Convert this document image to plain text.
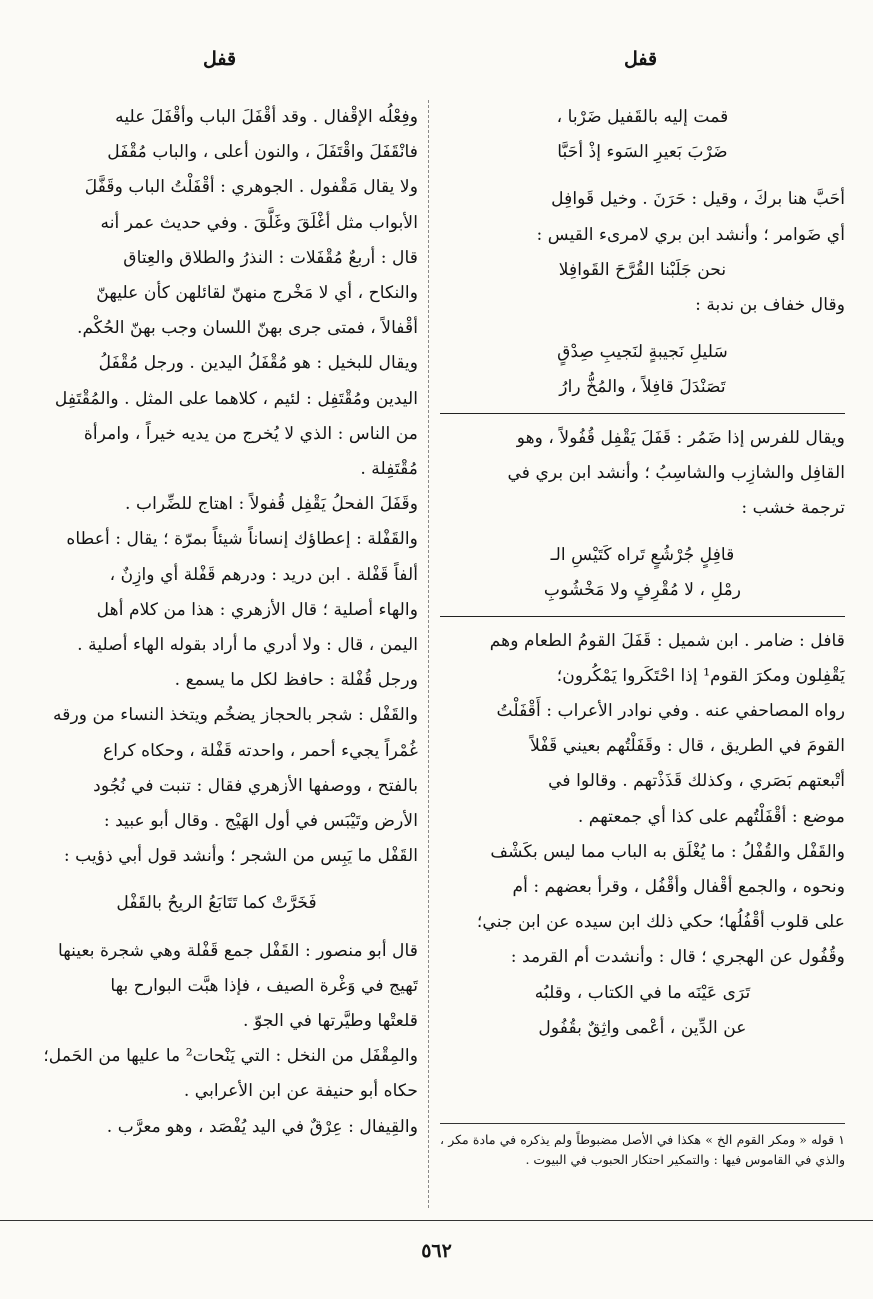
قفل
قفل
قمت إليه بالقَفيل ضَرْبا ،
ضَرْبَ بَعيرِ السَوء إذْ أحَبَّا
أحَبَّ هنا بركَ ، وقيل : حَرَنَ . وخيل قَوافِل
أي ضَوامر ؛ وأنشد ابن بري لامرىء القيس :
نحن جَلَبْنا القُرَّحَ القَوافِلا
وقال خفاف بن ندبة :
سَليلِ نَجيبةٍ لنَجيبِ صِدْقٍ
تَصَنْدَلَ قافِلاً ، والمُخُّ رارُ
ويقال للفرس إذا ضَمُر : قَفَلَ يَقْفِل قُفُولاً ، وهو
القافِل والشازِب والشاسِبُ ؛ وأنشد ابن بري في
ترجمة خشب :
قافِلٍ جُرْشُعٍ تَراه كَتَيْسِ الـ
رمْلِ ، لا مُقْرِفٍ ولا مَخْشُوبِ
قافل : ضامر . ابن شميل : قَفَلَ القومُ الطعام وهم
يَقْفِلون ومكرَ القوم¹ إذا احْتَكَروا يَمْكُرون؛
رواه المصاحفي عنه . وفي نوادر الأعراب : أَقْفَلْتُ
القومَ في الطريق ، قال : وقَفَلْتُهم بعيني قَفْلاً
أتْبعتهم بَصَري ، وكذلك قَذَذْتهم . وقالوا في
موضع : أقْفَلْتُهم على كذا أي جمعتهم .
والقَفْل والقُفْلُ : ما يُغْلَق به الباب مما ليس بكَشْف
ونحوه ، والجمع أقْفال وأقْفُل ، وقرأ بعضهم : أم
على قلوب أقْفُلُها؛ حكي ذلك ابن سيده عن ابن جني؛
وقُفُول عن الهجري ؛ قال : وأنشدت أم القرمد :
تَرَى عَيْنَه ما في الكتاب ، وقلبُه
عن الدِّين ، أعْمى واثِقٌ بقُفُول
وفِعْلُه الإقْفال . وقد أقْفَلَ الباب وأقْفَلَ عليه
فانْقَفَلَ واقْتَفَلَ ، والنون أعلى ، والباب مُقْفَل
ولا يقال مَقْفول . الجوهري : أقْفَلْتُ الباب وقَفَّلَ
الأبواب مثل أغْلَقَ وغَلَّقَ . وفي حديث عمر أنه
قال : أربعٌ مُقْفَلات : النذرُ والطلاق والعِتاق
والنكاح ، أي لا مَخْرج منهنّ لقائلهن كأن عليهنّ
أقْفالاً ، فمتى جرى بهنّ اللسان وجب بهنّ الحُكْم.
ويقال للبخيل : هو مُقْفَلُ اليدين . ورجل مُقْفَلُ
اليدين ومُقْتَفِل : لئيم ، كلاهما على المثل . والمُقْتَفِل
من الناس : الذي لا يُخرج من يديه خيراً ، وامرأة
مُقْتَفِلة .
وقَفَلَ الفحلُ يَقْفِل قُفولاً : اهتاج للضِّراب .
والقَفْلة : إعطاؤك إنساناً شيئاً بمرّة ؛ يقال : أعطاه
ألفاً قَفْلة . ابن دريد : ودرهم قَفْلة أي وازِنٌ ،
والهاء أصلية ؛ قال الأزهري : هذا من كلام أهل
اليمن ، قال : ولا أدري ما أراد بقوله الهاء أصلية .
ورجل قُفْلة : حافظ لكل ما يسمع .
والقَفْل : شجر بالحجاز يضخُم ويتخذ النساء من ورقه
غُمْراً يجيء أحمر ، واحدته قَفْلة ، وحكاه كراع
بالفتح ، ووصفها الأزهري فقال : تنبت في نُجُود
الأرض وتَيْبَس في أول الهَيْج . وقال أبو عبيد :
القَفْل ما يَبِس من الشجر ؛ وأنشد قول أبي ذؤيب :
فَخَرَّتْ كما تَتَابَعُ الريحُ بالقَفْل
قال أبو منصور : القَفْل جمع قَفْلة وهي شجرة بعينها
تَهيج في وَغْرة الصيف ، فإذا هبَّت البوارح بها
قلعتْها وطيَّرتها في الجوّ .
والمِقْفَل من النخل : التي يَنْحات² ما عليها من الحَمل؛
حكاه أبو حنيفة عن ابن الأعرابي .
والقِيفال : عِرْقٌ في اليد يُفْصَد ، وهو معرَّب .
١ قوله « ومكر القوم الخ » هكذا في الأصل مضبوطاً ولم يذكره في مادة مكر ، والذي في القاموس فيها : والتمكير احتكار الحبوب في البيوت .
٥٦٢
